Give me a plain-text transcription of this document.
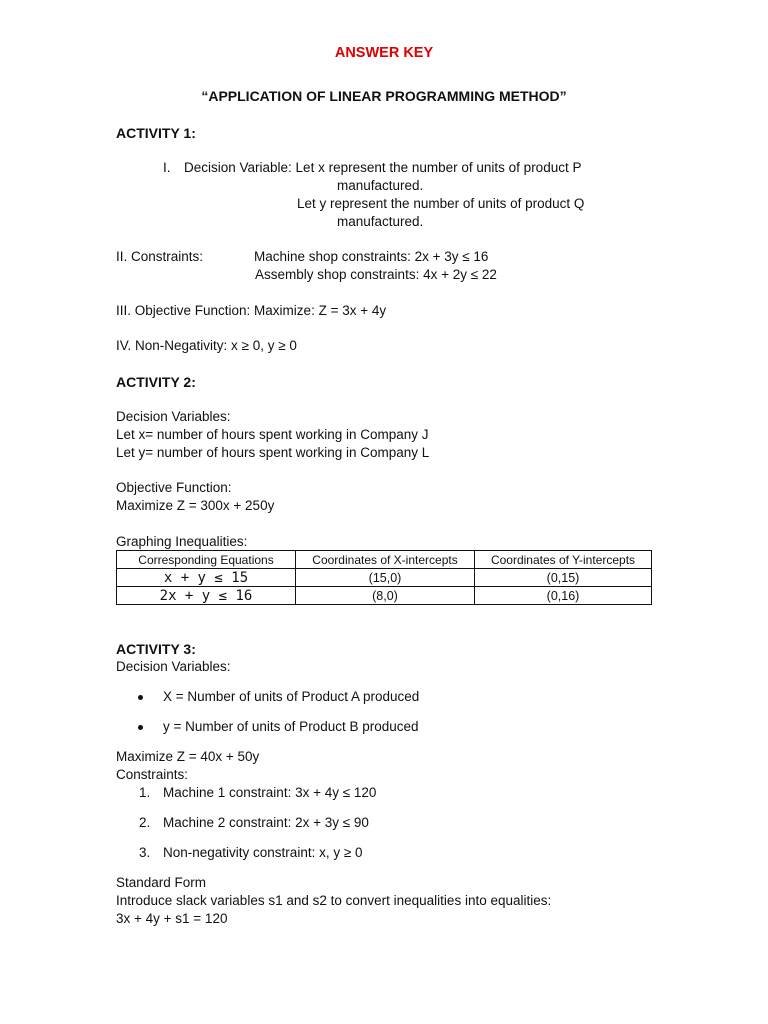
ANSWER KEY
“APPLICATION OF LINEAR PROGRAMMING METHOD”
ACTIVITY 1:
I. Decision Variable: Let x represent the number of units of product P
manufactured.
Let y represent the number of units of product Q
manufactured.
II. Constraints:	Machine shop constraints: 2x + 3y ≤ 16
Assembly shop constraints: 4x + 2y ≤ 22
III. Objective Function: Maximize: Z = 3x + 4y
IV. Non-Negativity: x ≥ 0, y ≥ 0
ACTIVITY 2:
Decision Variables:
Let x= number of hours spent working in Company J
Let y= number of hours spent working in Company L
Objective Function:
Maximize Z = 300x + 250y
Graphing Inequalities:
Corresponding Equations	Coordinates of X-intercepts	Coordinates of Y-intercepts
x + y ≤ 15	(15,0)	(0,15)
2x + y ≤ 16	(8,0)	(0,16)
ACTIVITY 3:
Decision Variables:
X = Number of units of Product A produced
y = Number of units of Product B produced
Maximize Z = 40x + 50y
Constraints:
1. Machine 1 constraint: 3x + 4y ≤ 120
2. Machine 2 constraint: 2x + 3y ≤ 90
3. Non-negativity constraint: x, y ≥ 0
Standard Form
Introduce slack variables s1 and s2 to convert inequalities into equalities:
3x + 4y + s1 = 120
